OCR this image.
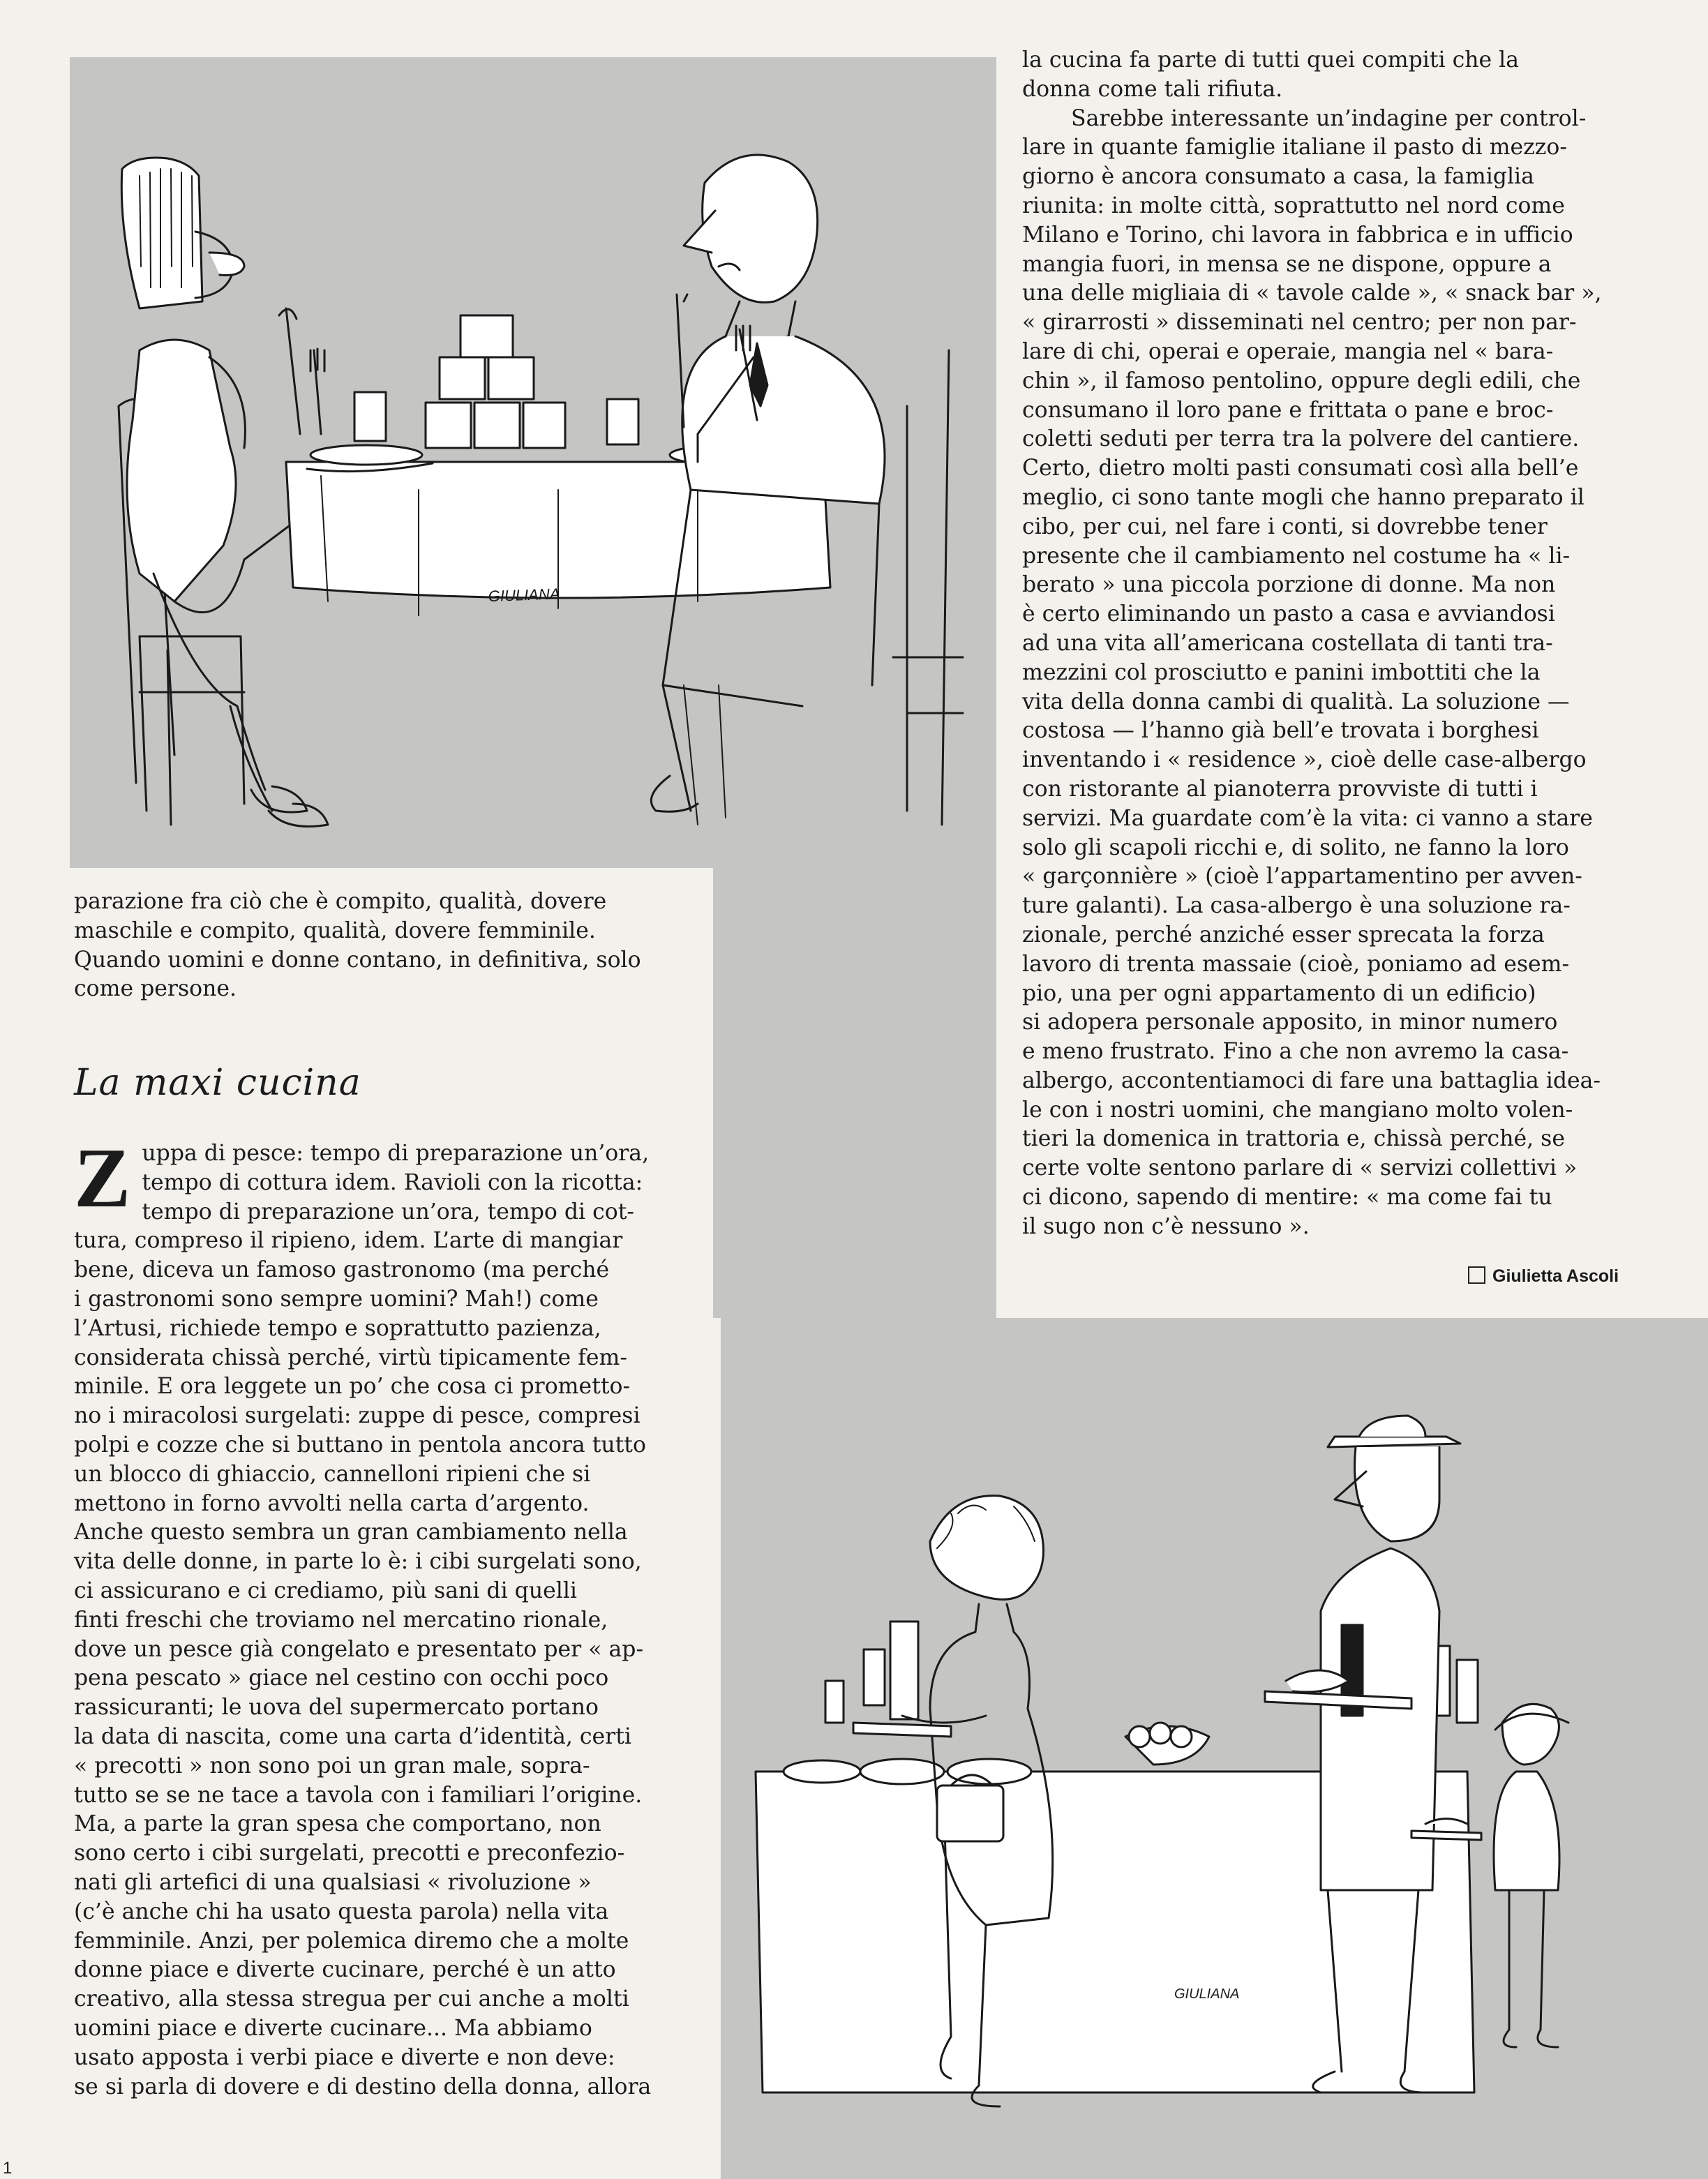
GIULIANA
GIULIANA

parazione fra ciò che è compito, qualità, dovere

maschile e compito, qualità, dovere femminile.

Quando uomini e donne contano, in definitiva, solo

come persone.

La maxi cucina
Z uppa di pesce: tempo di preparazione un’ora,

tempo di cottura idem. Ravioli con la ricotta:

tempo di preparazione un’ora, tempo di cot-

tura, compreso il ripieno, idem. L’arte di mangiar

bene, diceva un famoso gastronomo (ma perché

i gastronomi sono sempre uomini? Mah!) come

l’Artusi, richiede tempo e soprattutto pazienza,

considerata chissà perché, virtù tipicamente fem-

minile. E ora leggete un po’ che cosa ci prometto-

no i miracolosi surgelati: zuppe di pesce, compresi

polpi e cozze che si buttano in pentola ancora tutto

un blocco di ghiaccio, cannelloni ripieni che si

mettono in forno avvolti nella carta d’argento.

Anche questo sembra un gran cambiamento nella

vita delle donne, in parte lo è: i cibi surgelati sono,

ci assicurano e ci crediamo, più sani di quelli

finti freschi che troviamo nel mercatino rionale,

dove un pesce già congelato e presentato per « ap-

pena pescato » giace nel cestino con occhi poco

rassicuranti; le uova del supermercato portano

la data di nascita, come una carta d’identità, certi

« precotti » non sono poi un gran male, sopra-

tutto se se ne tace a tavola con i familiari l’origine.

Ma, a parte la gran spesa che comportano, non

sono certo i cibi surgelati, precotti e preconfezio-

nati gli artefici di una qualsiasi « rivoluzione »

(c’è anche chi ha usato questa parola) nella vita

femminile. Anzi, per polemica diremo che a molte

donne piace e diverte cucinare, perché è un atto

creativo, alla stessa stregua per cui anche a molti

uomini piace e diverte cucinare... Ma abbiamo

usato apposta i verbi piace e diverte e non deve:

se si parla di dovere e di destino della donna, allora

la cucina fa parte di tutti quei compiti che la

donna come tali rifiuta.

Sarebbe interessante un’indagine per control-

lare in quante famiglie italiane il pasto di mezzo-

giorno è ancora consumato a casa, la famiglia

riunita: in molte città, soprattutto nel nord come

Milano e Torino, chi lavora in fabbrica e in ufficio

mangia fuori, in mensa se ne dispone, oppure a

una delle migliaia di « tavole calde », « snack bar »,

« girarrosti » disseminati nel centro; per non par-

lare di chi, operai e operaie, mangia nel « bara-

chin », il famoso pentolino, oppure degli edili, che

consumano il loro pane e frittata o pane e broc-

coletti seduti per terra tra la polvere del cantiere.

Certo, dietro molti pasti consumati così alla bell’e

meglio, ci sono tante mogli che hanno preparato il

cibo, per cui, nel fare i conti, si dovrebbe tener

presente che il cambiamento nel costume ha « li-

berato » una piccola porzione di donne. Ma non

è certo eliminando un pasto a casa e avviandosi

ad una vita all’americana costellata di tanti tra-

mezzini col prosciutto e panini imbottiti che la

vita della donna cambi di qualità. La soluzione —

costosa — l’hanno già bell’e trovata i borghesi

inventando i « residence », cioè delle case-albergo

con ristorante al pianoterra provviste di tutti i

servizi. Ma guardate com’è la vita: ci vanno a stare

solo gli scapoli ricchi e, di solito, ne fanno la loro

« garçonnière » (cioè l’appartamentino per avven-

ture galanti). La casa-albergo è una soluzione ra-

zionale, perché anziché esser sprecata la forza

lavoro di trenta massaie (cioè, poniamo ad esem-

pio, una per ogni appartamento di un edificio)

si adopera personale apposito, in minor numero

e meno frustrato. Fino a che non avremo la casa-

albergo, accontentiamoci di fare una battaglia idea-

le con i nostri uomini, che mangiano molto volen-

tieri la domenica in trattoria e, chissà perché, se

certe volte sentono parlare di « servizi collettivi »

ci dicono, sapendo di mentire: « ma come fai tu

il sugo non c’è nessuno ».

Giulietta Ascoli
1
